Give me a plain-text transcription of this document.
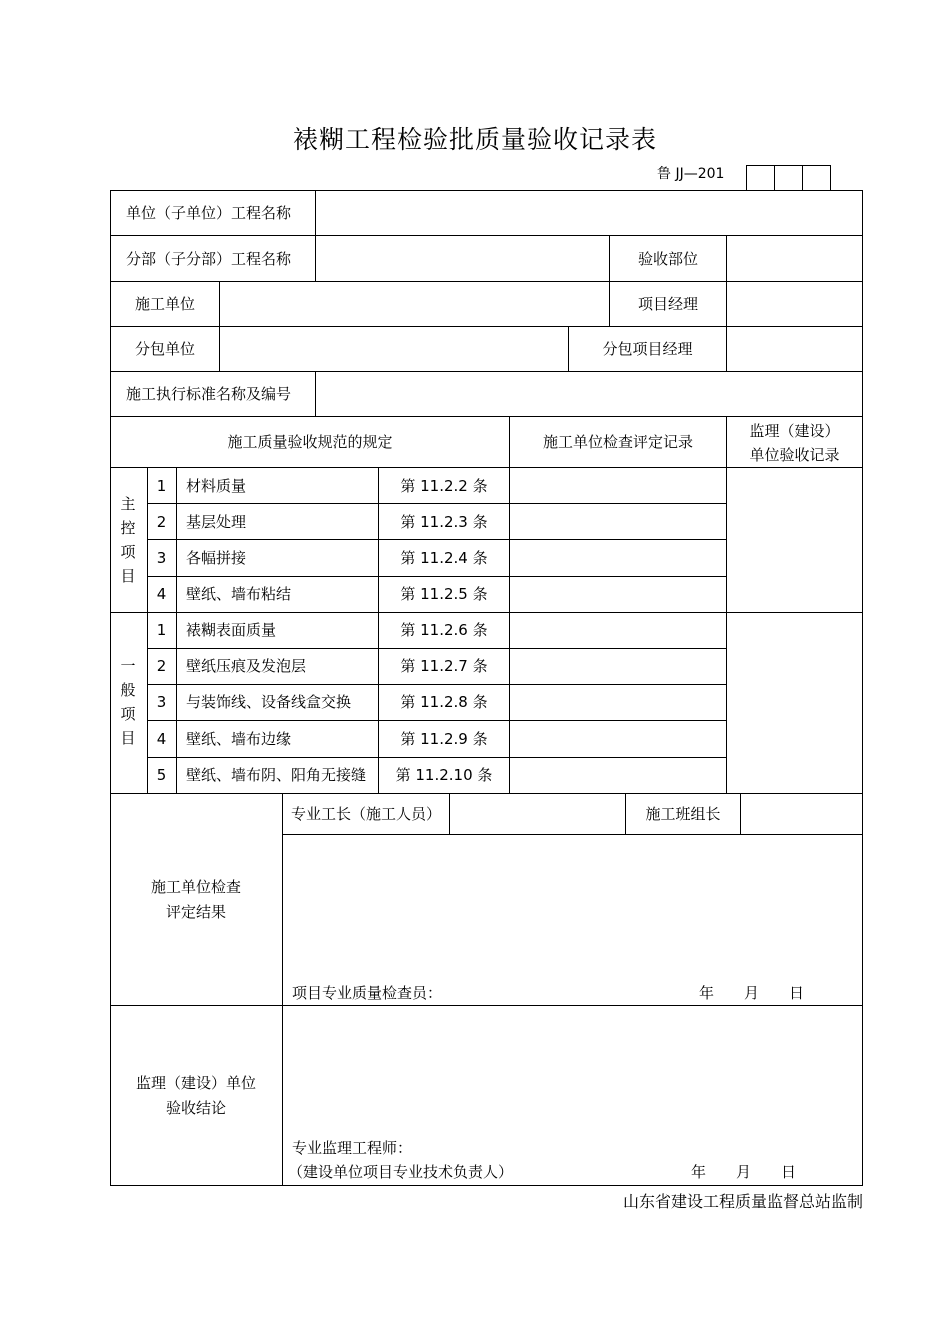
裱糊工程检验批质量验收记录表
鲁 JJ—201
单位（子单位）工程名称
分部（子分部）工程名称	验收部位
施工单位	项目经理
分包单位	分包项目经理
施工执行标准名称及编号
施工质量验收规范的规定	施工单位检查评定记录
监理（建设）
单位验收记录
主
控
项
目
1	材料质量	第 11.2.2 条
2	基层处理	第 11.2.3 条
3	各幅拼接	第 11.2.4 条
4	壁纸、墙布粘结	第 11.2.5 条
一
般
项
目
1	裱糊表面质量	第 11.2.6 条
2	壁纸压痕及发泡层	第 11.2.7 条
3	与装饰线、设备线盒交换	第 11.2.8 条
4	壁纸、墙布边缘	第 11.2.9 条
5	壁纸、墙布阴、阳角无接缝	第 11.2.10 条
施工单位检查
评定结果
专业工长（施工人员）	施工班组长
项目专业质量检查员：	年　　月　　日
监理（建设）单位
验收结论
专业监理工程师：
（建设单位项目专业技术负责人）	年　　月　　日
山东省建设工程质量监督总站监制
